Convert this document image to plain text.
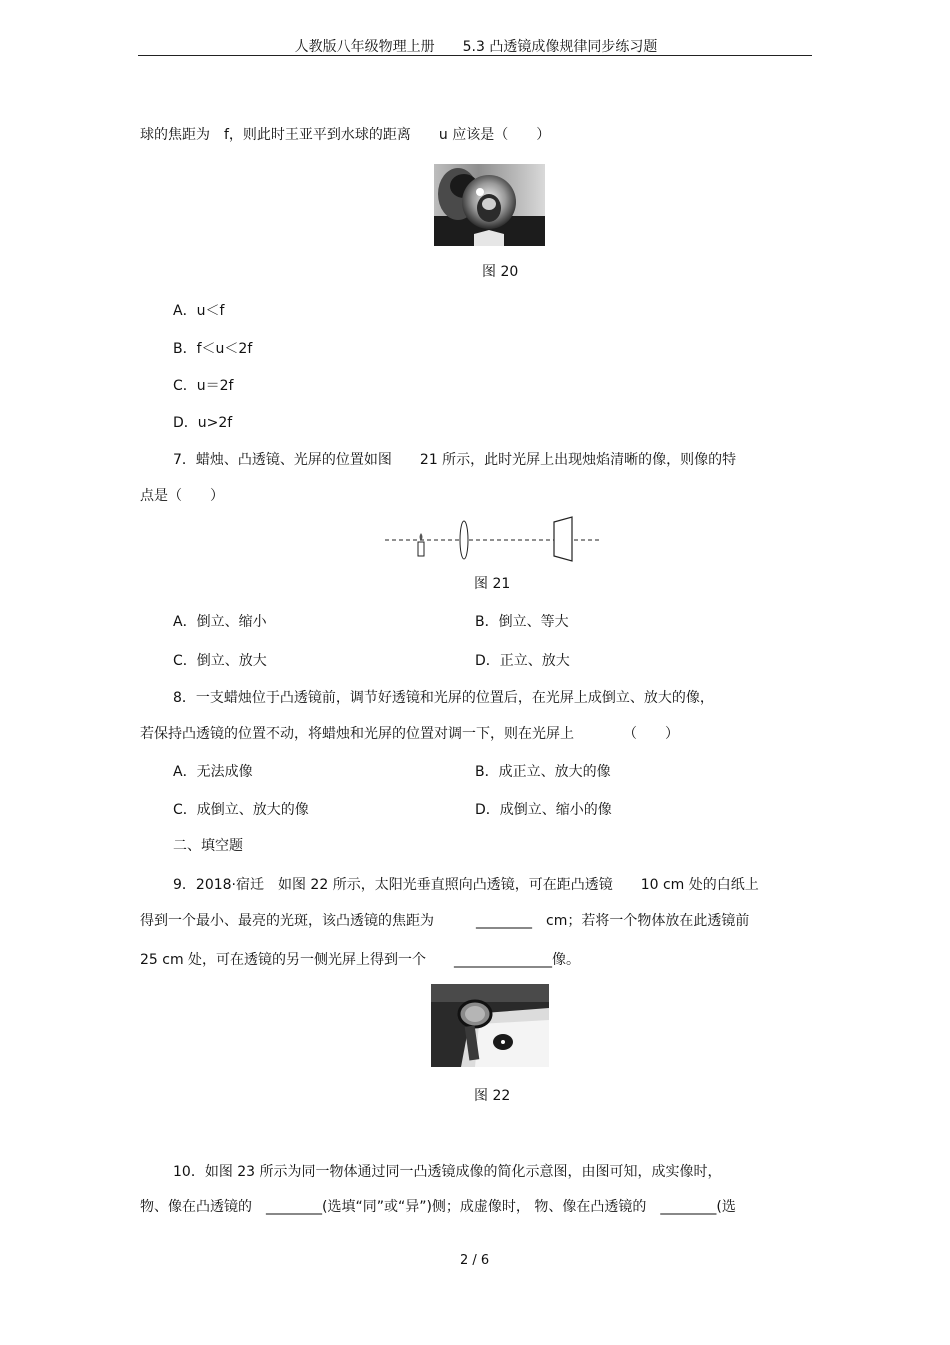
人教版八年级物理上册　　5.3 凸透镜成像规律同步练习题
球的焦距为　f，则此时王亚平到水球的距离　　u 应该是（　　）
图 20
A．u＜f
B．f＜u＜2f
C．u＝2f
D．u>2f
7．蜡烛、凸透镜、光屏的位置如图　　21 所示，此时光屏上出现烛焰清晰的像，则像的特
点是（　　）
图 21
A．倒立、缩小	B．倒立、等大
C．倒立、放大	D．正立、放大
8．一支蜡烛位于凸透镜前，调节好透镜和光屏的位置后，在光屏上成倒立、放大的像，
若保持凸透镜的位置不动，将蜡烛和光屏的位置对调一下，则在光屏上　　　　（　　）
A．无法成像	B．成正立、放大的像
C．成倒立、放大的像	D．成倒立、缩小的像
二、填空题
9．2018·宿迁　如图 22 所示，太阳光垂直照向凸透镜，可在距凸透镜　　10 cm 处的白纸上
得到一个最小、最亮的光斑，该凸透镜的焦距为　　　________　cm；若将一个物体放在此透镜前
25 cm 处，可在透镜的另一侧光屏上得到一个　　______________像。
图 22
10．如图 23 所示为同一物体通过同一凸透镜成像的简化示意图，由图可知，成实像时，
物、像在凸透镜的　________(选填“同”或“异”)侧；成虚像时， 物、像在凸透镜的　________(选
2 / 6
